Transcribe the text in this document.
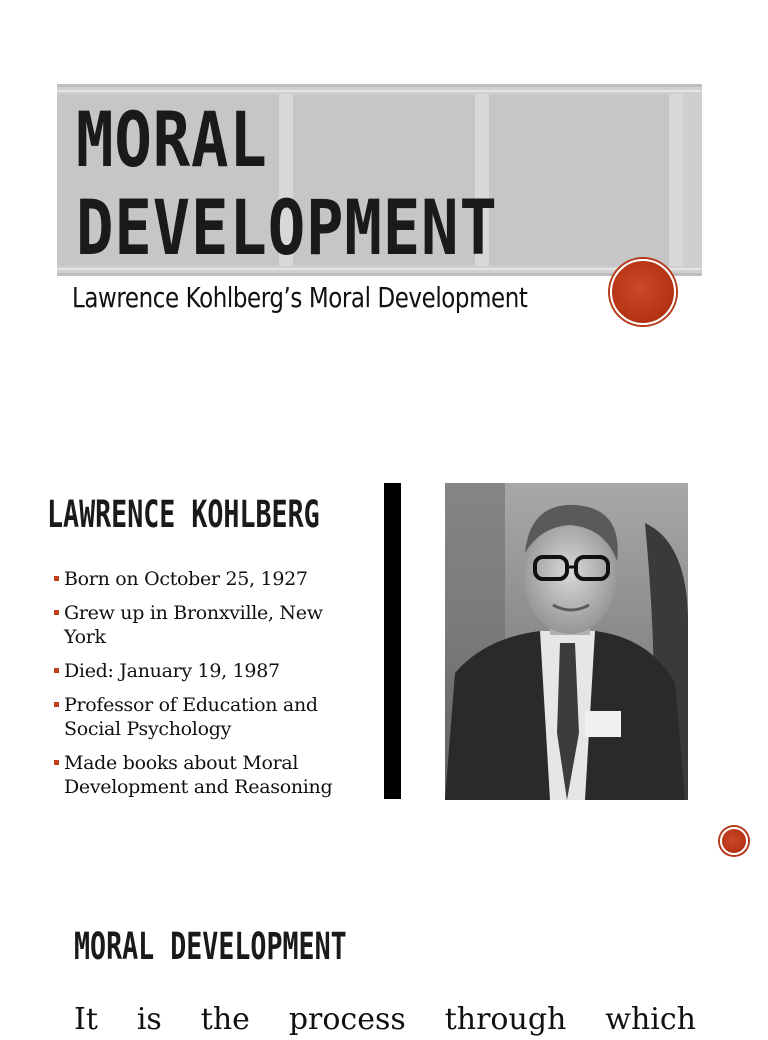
MORAL
DEVELOPMENT

Lawrence Kohlberg’s Moral Development

LAWRENCE KOHLBERG
Born on October 25, 1927
Grew up in Bronxville, New
York
Died: January 19, 1987
Professor of Education and
Social Psychology
Made books about Moral
Development and Reasoning
MORAL DEVELOPMENT

It is the process through which
